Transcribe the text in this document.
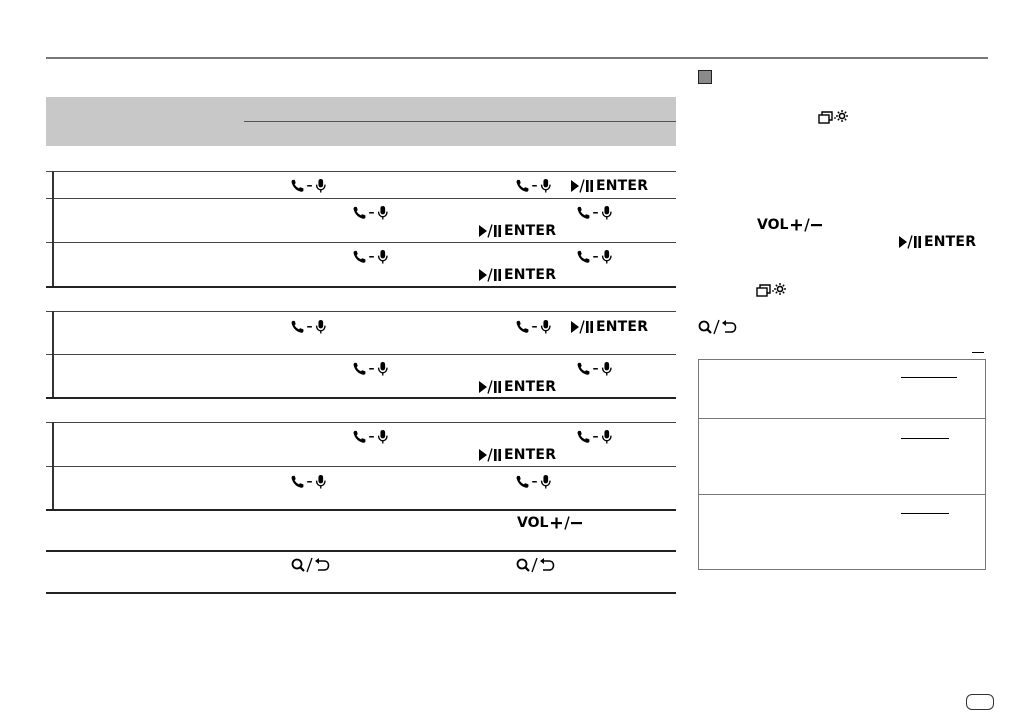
ENTER
ENTER
ENTER
ENTER
ENTER
ENTER
VOL
VOL
ENTER
